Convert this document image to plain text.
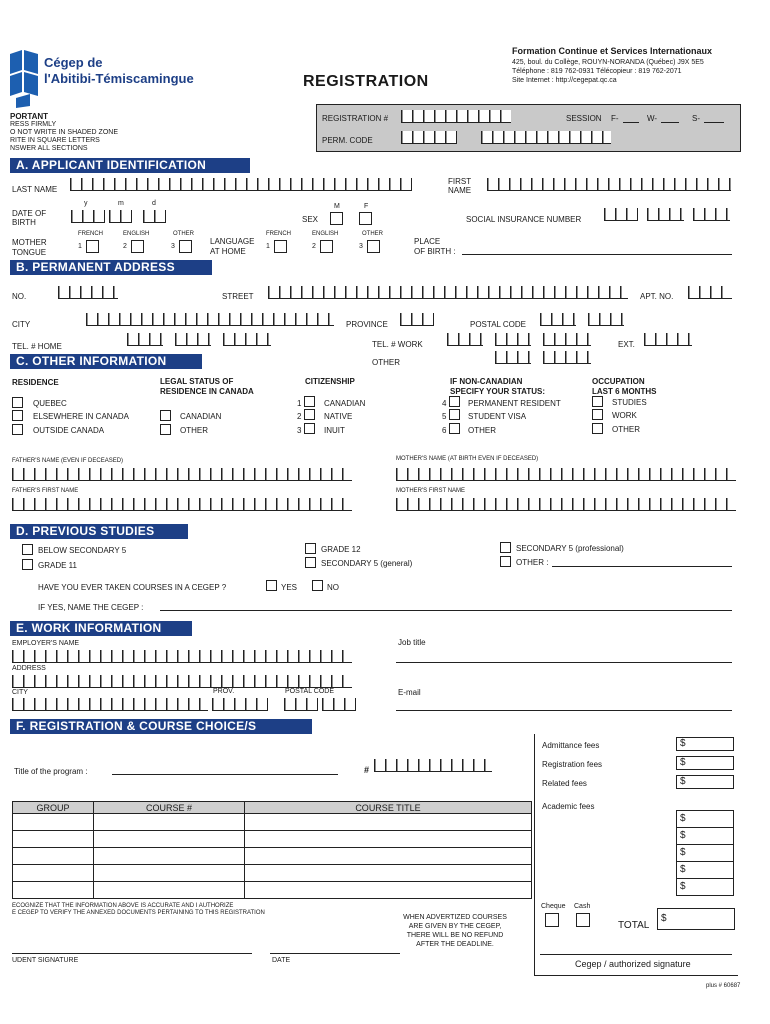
Cégep de
l'Abitibi-Témiscamingue	REGISTRATION
Formation Continue et Services Internationaux
425, boul. du Collège, ROUYN-NORANDA (Québec) J9X 5E5
Téléphone : 819 762-0931 Télécopieur : 819 762-2071
Site Internet : http://cegepat.qc.ca
PORTANT
RESS FIRMLY
O NOT WRITE IN SHADED ZONE
RITE IN SQUARE LETTERS
NSWER ALL SECTIONS
REGISTRATION #
PERM. CODE
SESSION F-	W-	S-
A. APPLICANT IDENTIFICATION
LAST NAME
FIRST
NAME
DATE OF
BIRTH
y	m	d
SEX
M	F
SOCIAL INSURANCE NUMBER
MOTHER
TONGUE
FRENCH	ENGLISH	OTHER
1	2	3
LANGUAGE
AT HOME
FRENCH	ENGLISH	OTHER
1	2	3
PLACE
OF BIRTH :
B. PERMANENT ADDRESS
NO.	STREET	APT. NO.
CITY	PROVINCE	POSTAL CODE
TEL. # HOME	TEL. # WORK	EXT.
OTHER
C. OTHER INFORMATION
RESIDENCE
QUEBEC
ELSEWHERE IN CANADA
OUTSIDE CANADA
LEGAL STATUS OF
RESIDENCE IN CANADA
CANADIAN
OTHER
CITIZENSHIP
1	CANADIAN
2	NATIVE
3	INUIT
IF NON-CANADIAN
SPECIFY YOUR STATUS:
4	PERMANENT RESIDENT
5	STUDENT VISA
6	OTHER
OCCUPATION
LAST 6 MONTHS
STUDIES
WORK
OTHER
FATHER'S NAME (EVEN IF DECEASED)	MOTHER'S NAME (AT BIRTH EVEN IF DECEASED)
FATHER'S FIRST NAME	MOTHER'S FIRST NAME
D. PREVIOUS STUDIES
BELOW SECONDARY 5
GRADE 11
GRADE 12
SECONDARY 5 (general)
SECONDARY 5 (professional)
OTHER :
HAVE YOU EVER TAKEN COURSES IN A CEGEP ?	YES	NO
IF YES, NAME THE CEGEP :
E. WORK INFORMATION
EMPLOYER'S NAME	Job title
ADDRESS
CITY	PROV.	POSTAL CODE	E-mail
F. REGISTRATION & COURSE CHOICE/S
Title of the program :	#
Admittance fees	$
Registration fees	$
Related fees	$
Academic fees
$
$
$
$
$
Cheque Cash
TOTAL
$
Cegep / authorized signature
GROUP	COURSE #	COURSE TITLE

ECOGNIZE THAT THE INFORMATION ABOVE IS ACCURATE AND I AUTHORIZE
E CEGEP TO VERIFY THE ANNEXED DOCUMENTS PERTAINING TO THIS REGISTRATION
WHEN ADVERTIZED COURSES
ARE GIVEN BY THE CEGEP,
THERE WILL BE NO REFUND
AFTER THE DEADLINE.
UDENT SIGNATURE	DATE
plus # 60687
